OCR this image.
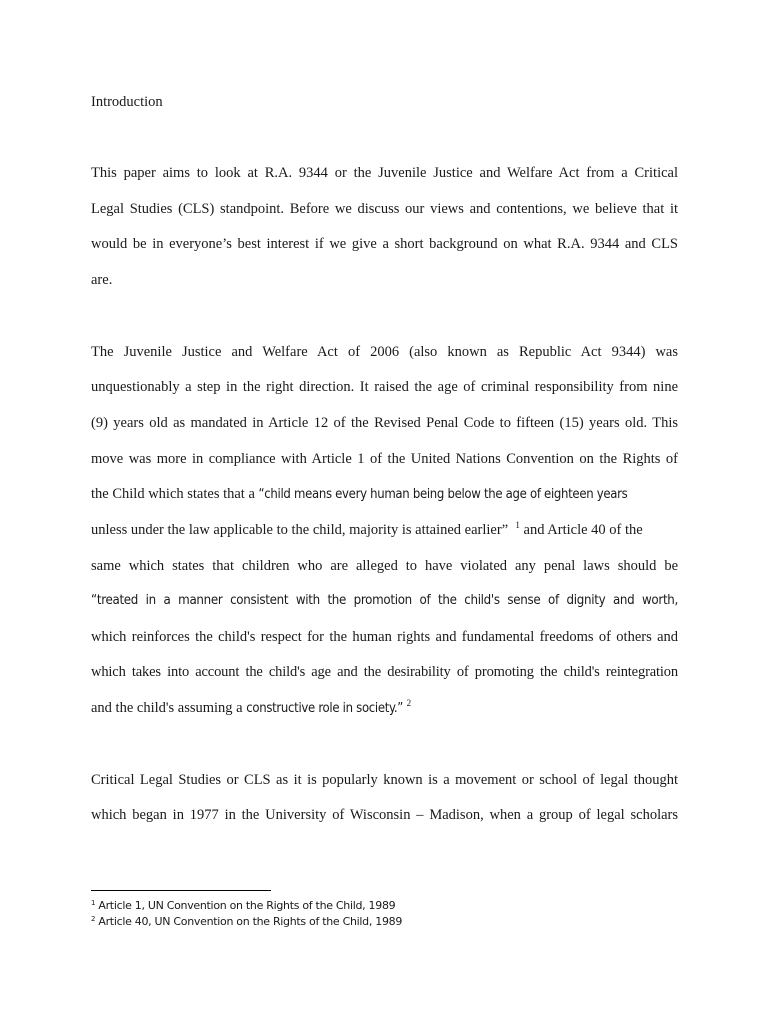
Introduction

This paper aims to look at R.A. 9344 or the Juvenile Justice and Welfare Act from a Critical

Legal Studies (CLS) standpoint. Before we discuss our views and contentions, we believe that it

would be in everyone’s best interest if we give a short background on what R.A. 9344 and CLS

are.

The Juvenile Justice and Welfare Act of 2006 (also known as Republic Act 9344) was

unquestionably a step in the right direction. It raised the age of criminal responsibility from nine

(9) years old as mandated in Article 12 of the Revised Penal Code to fifteen (15) years old. This

move was more in compliance with Article 1 of the United Nations Convention on the Rights of

the Child which states that a “child means every human being below the age of eighteen years

unless under the law applicable to the child, majority is attained earlier” $^1$ and Article 40 of the

same which states that children who are alleged to have violated any penal laws should be

“treated in a manner consistent with the promotion of the child's sense of dignity and worth,

which reinforces the child's respect for the human rights and fundamental freedoms of others and

which takes into account the child's age and the desirability of promoting the child's reintegration

and the child's assuming a constructive role in society.” $^2$

Critical Legal Studies or CLS as it is popularly known is a movement or school of legal thought

which began in 1977 in the University of Wisconsin – Madison, when a group of legal scholars

$^1$ Article 1, UN Convention on the Rights of the Child, 1989
$^2$ Article 40, UN Convention on the Rights of the Child, 1989
